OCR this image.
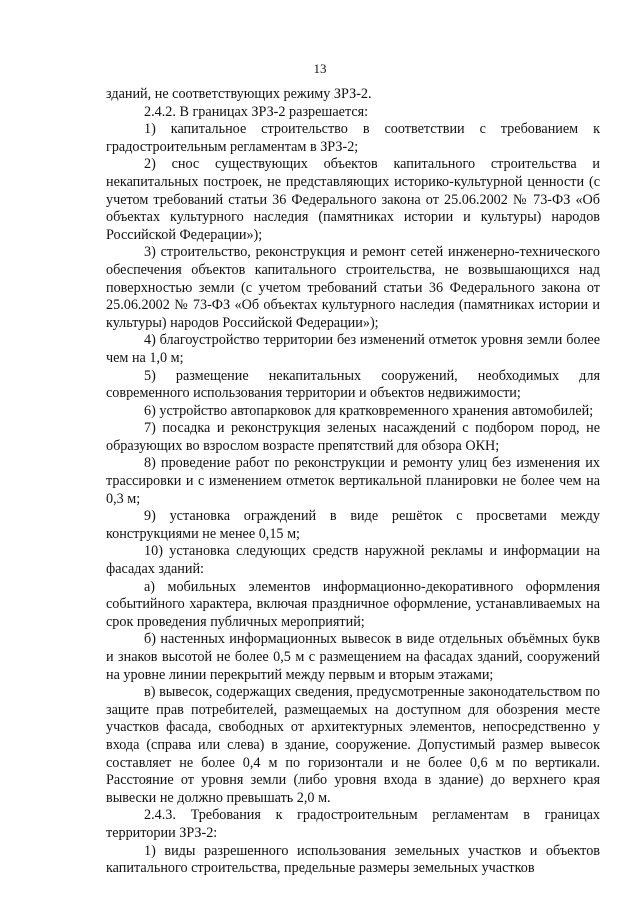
13

зданий, не соответствующих режиму ЗРЗ-2.

2.4.2. В границах ЗРЗ-2 разрешается:

1) капитальное строительство в соответствии с требованием к градостроительным регламентам в ЗРЗ-2;

2) снос существующих объектов капитального строительства и некапитальных построек, не представляющих историко-культурной ценности (с учетом требований статьи 36 Федерального закона от 25.06.2002 № 73-ФЗ «Об объектах культурного наследия (памятниках истории и культуры) народов Российской Федерации»);

3) строительство, реконструкция и ремонт сетей инженерно-технического обеспечения объектов капитального строительства, не возвышающихся над поверхностью земли (с учетом требований статьи 36 Федерального закона от 25.06.2002 № 73-ФЗ «Об объектах культурного наследия (памятниках истории и культуры) народов Российской Федерации»);

4) благоустройство территории без изменений отметок уровня земли более чем на 1,0 м;

5) размещение некапитальных сооружений, необходимых для современного использования территории и объектов недвижимости;

6) устройство автопарковок для кратковременного хранения автомобилей;

7) посадка и реконструкция зеленых насаждений с подбором пород, не образующих во взрослом возрасте препятствий для обзора ОКН;

8) проведение работ по реконструкции и ремонту улиц без изменения их трассировки и с изменением отметок вертикальной планировки не более чем на 0,3 м;

9) установка ограждений в виде решёток с просветами между конструкциями не менее 0,15 м;

10) установка следующих средств наружной рекламы и информации на фасадах зданий:

а) мобильных элементов информационно-декоративного оформления событийного характера, включая праздничное оформление, устанавливаемых на срок проведения публичных мероприятий;

б) настенных информационных вывесок в виде отдельных объёмных букв и знаков высотой не более 0,5 м с размещением на фасадах зданий, сооружений на уровне линии перекрытий между первым и вторым этажами;

в) вывесок, содержащих сведения, предусмотренные законодательством по защите прав потребителей, размещаемых на доступном для обозрения месте участков фасада, свободных от архитектурных элементов, непосредственно у входа (справа или слева) в здание, сооружение. Допустимый размер вывесок составляет не более 0,4 м по горизонтали и не более 0,6 м по вертикали. Расстояние от уровня земли (либо уровня входа в здание) до верхнего края вывески не должно превышать 2,0 м.

2.4.3. Требования к градостроительным регламентам в границах территории ЗРЗ-2:

1) виды разрешенного использования земельных участков и объектов капитального строительства, предельные размеры земельных участков
